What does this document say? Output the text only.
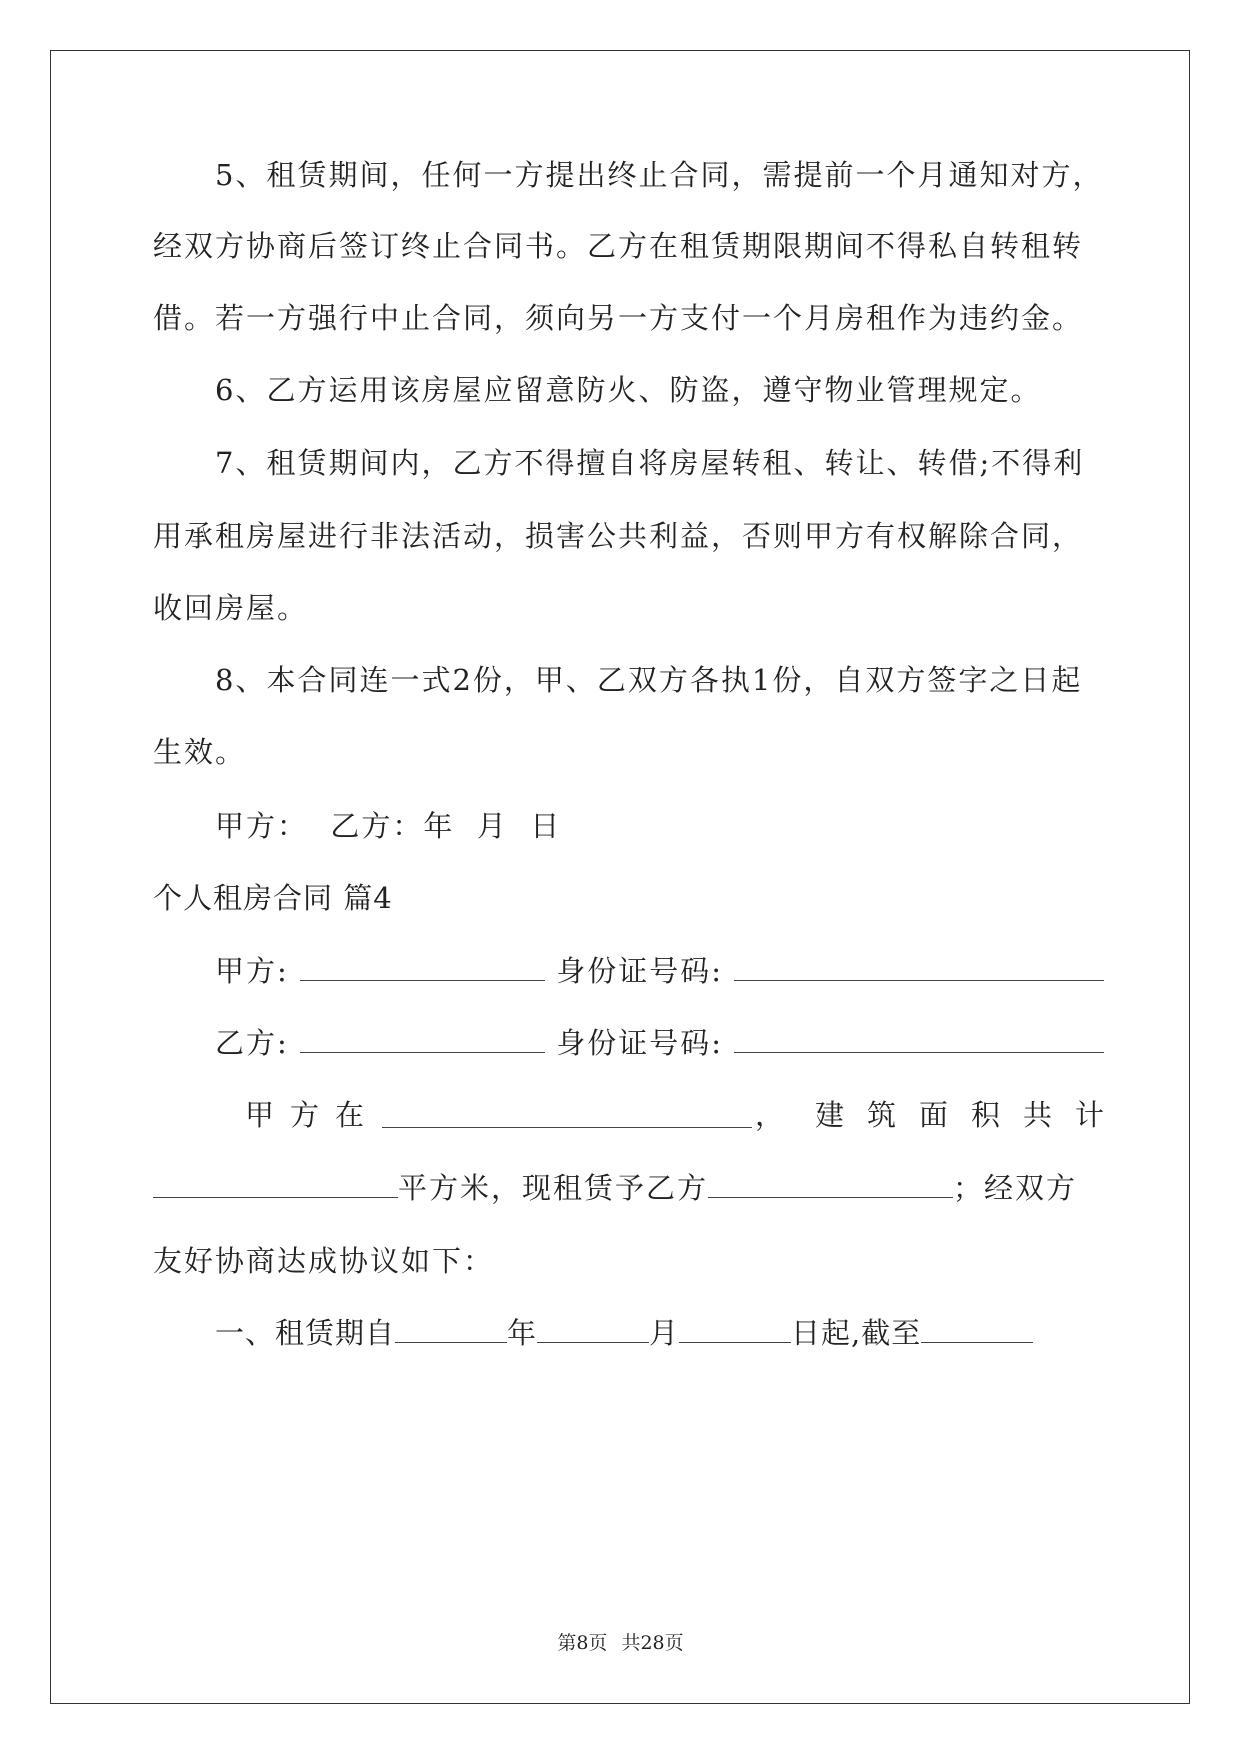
5、租赁期间，任何一方提出终止合同，需提前一个月通知对方，
经双方协商后签订终止合同书。乙方在租赁期限期间不得私自转租转
借。若一方强行中止合同，须向另一方支付一个月房租作为违约金。
6、乙方运用该房屋应留意防火、防盗，遵守物业管理规定。
7、租赁期间内，乙方不得擅自将房屋转租、转让、转借;不得利
用承租房屋进行非法活动，损害公共利益，否则甲方有权解除合同，
收回房屋。
8、本合同连一式2份，甲、乙双方各执1份，自双方签字之日起
生效。
甲方：  乙方：年  月  日
个人租房合同 篇4
甲方:	身份证号码:
乙方:	身份证号码:
甲 方 在	， 建 筑 面 积 共 计
平方米，现租赁予乙方	；经双方
友好协商达成协议如下：
一、租赁期自	年	月	日起,截至
第8页 共28页
